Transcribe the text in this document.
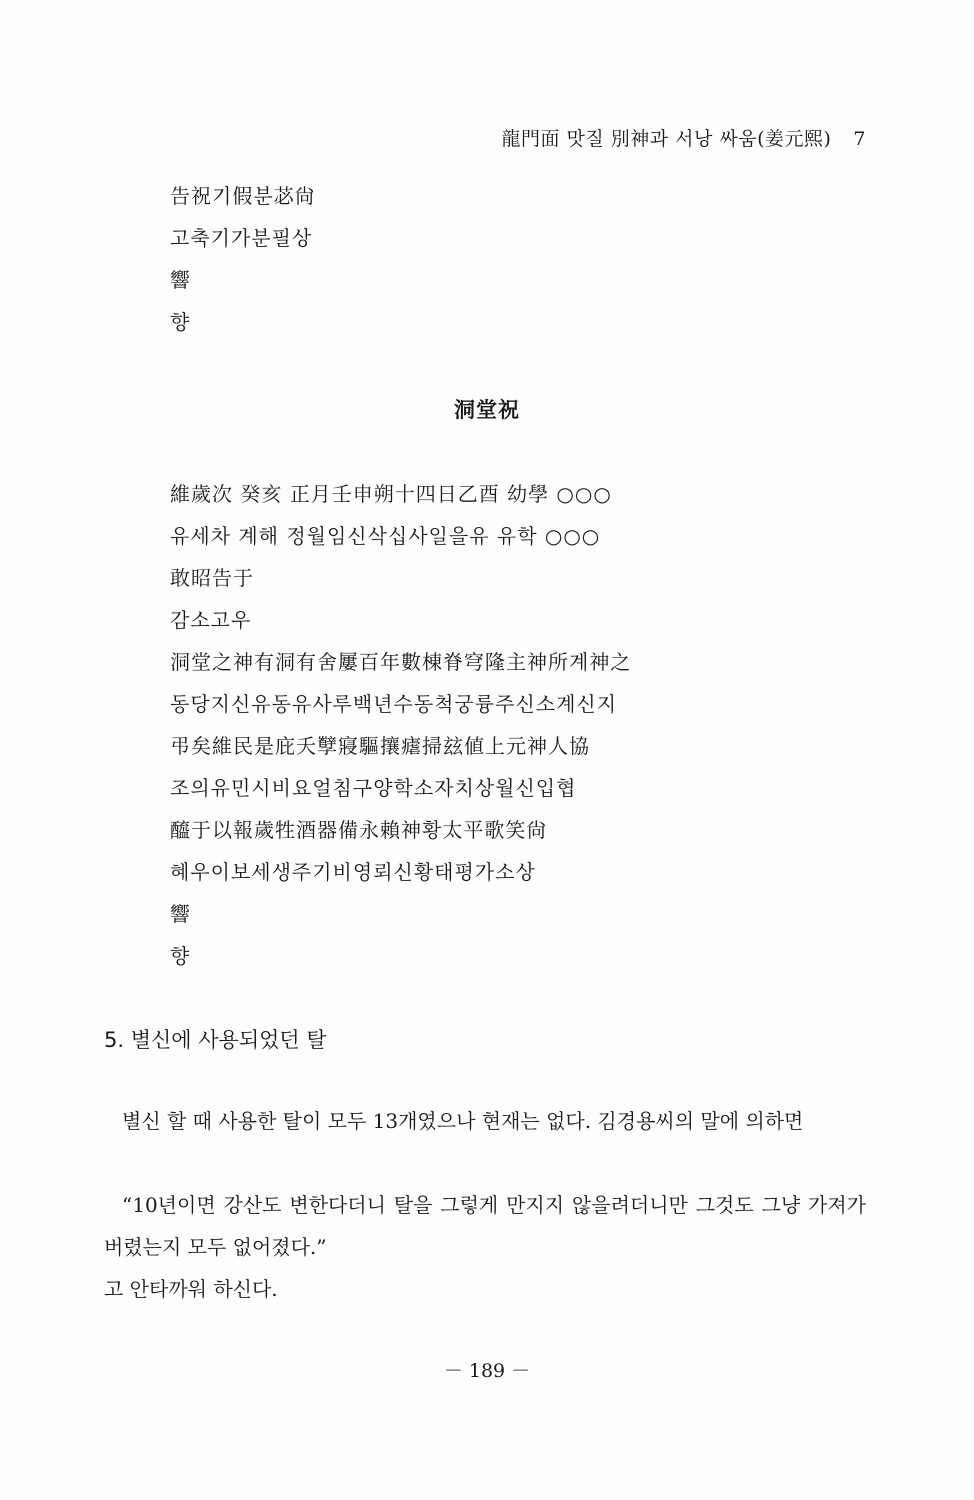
龍門面 맛질 別神과 서낭 싸움(姜元熙) 7
告祝기假분苾尙
고축기가분필상
響
향
洞堂祝
維歲次 癸亥 正月壬申朔十四日乙酉 幼學 ○○○
유세차 계해 정월임신삭십사일을유 유학 ○○○
敢昭告于
감소고우
洞堂之神有洞有舍屢百年數棟脊穹隆主神所계神之
동당지신유동유사루백년수동척궁륭주신소계신지
弔矣維民是庇夭孼寢驅攘瘧掃玆値上元神人協
조의유민시비요얼침구양학소자치상월신입협
醯于以報歲牲酒器備永賴神황太平歌笑尙
혜우이보세생주기비영뢰신황태평가소상
響
향
5. 별신에 사용되었던 탈
별신 할 때 사용한 탈이 모두 13개였으나 현재는 없다. 김경용씨의 말에 의하면
“10년이면 강산도 변한다더니 탈을 그렇게 만지지 않을려더니만 그것도 그냥 가져가 버렸는지 모두 없어졌다.”
고 안타까워 하신다.
－ 189 －
